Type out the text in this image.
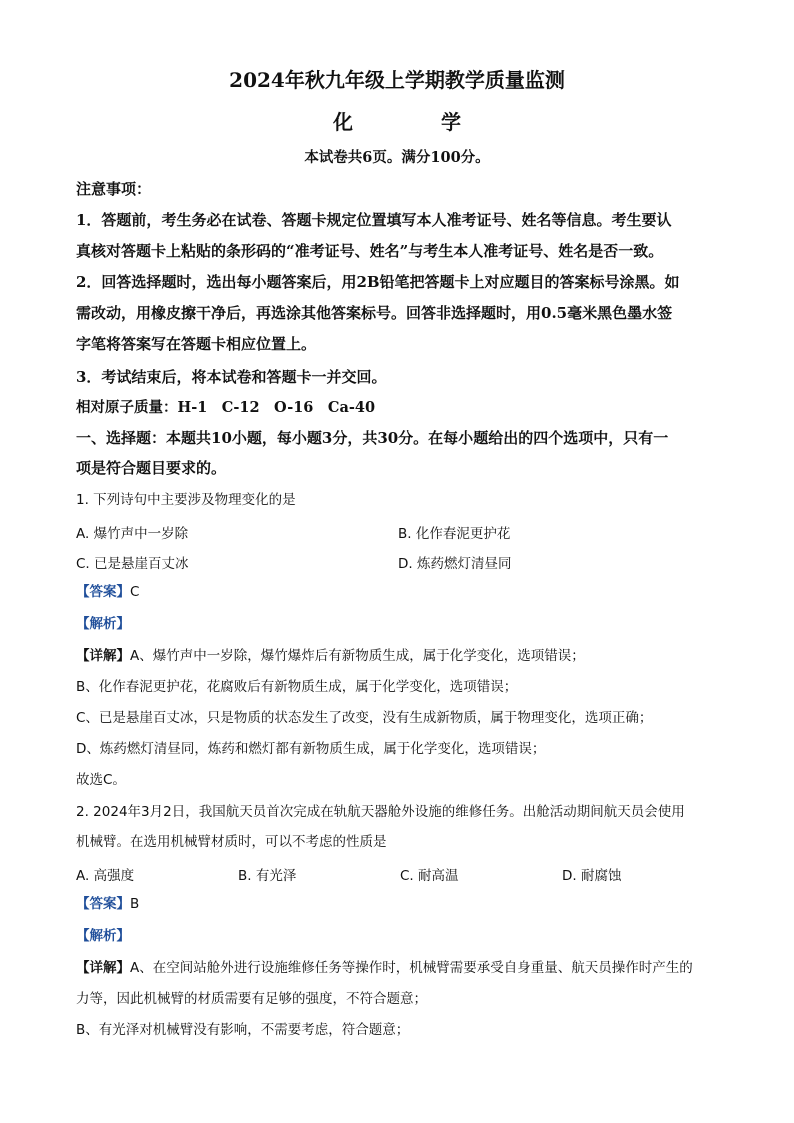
2024年秋九年级上学期教学质量监测
化　学
本试卷共6页。满分100分。
注意事项：
1．答题前，考生务必在试卷、答题卡规定位置填写本人准考证号、姓名等信息。考生要认
真核对答题卡上粘贴的条形码的“准考证号、姓名”与考生本人准考证号、姓名是否一致。
2．回答选择题时，选出每小题答案后，用2B铅笔把答题卡上对应题目的答案标号涂黑。如
需改动，用橡皮擦干净后，再选涂其他答案标号。回答非选择题时，用0.5毫米黑色墨水签
字笔将答案写在答题卡相应位置上。
3．考试结束后，将本试卷和答题卡一并交回。
相对原子质量：H-1　C-12　O-16　Ca-40
一、选择题：本题共10小题，每小题3分，共30分。在每小题给出的四个选项中，只有一
项是符合题目要求的。
1. 下列诗句中主要涉及物理变化的是
A. 爆竹声中一岁除	B. 化作春泥更护花
C. 已是悬崖百丈冰	D. 炼药燃灯清昼同
【答案】C
【解析】
【详解】A、爆竹声中一岁除，爆竹爆炸后有新物质生成，属于化学变化，选项错误；
B、化作春泥更护花，花腐败后有新物质生成，属于化学变化，选项错误；
C、已是悬崖百丈冰，只是物质的状态发生了改变，没有生成新物质，属于物理变化，选项正确；
D、炼药燃灯清昼同，炼药和燃灯都有新物质生成，属于化学变化，选项错误；
故选C。
2. 2024年3月2日，我国航天员首次完成在轨航天器舱外设施的维修任务。出舱活动期间航天员会使用
机械臂。在选用机械臂材质时，可以不考虑的性质是
A. 高强度	B. 有光泽	C. 耐高温	D. 耐腐蚀
【答案】B
【解析】
【详解】A、在空间站舱外进行设施维修任务等操作时，机械臂需要承受自身重量、航天员操作时产生的
力等，因此机械臂的材质需要有足够的强度，不符合题意；
B、有光泽对机械臂没有影响，不需要考虑，符合题意；
